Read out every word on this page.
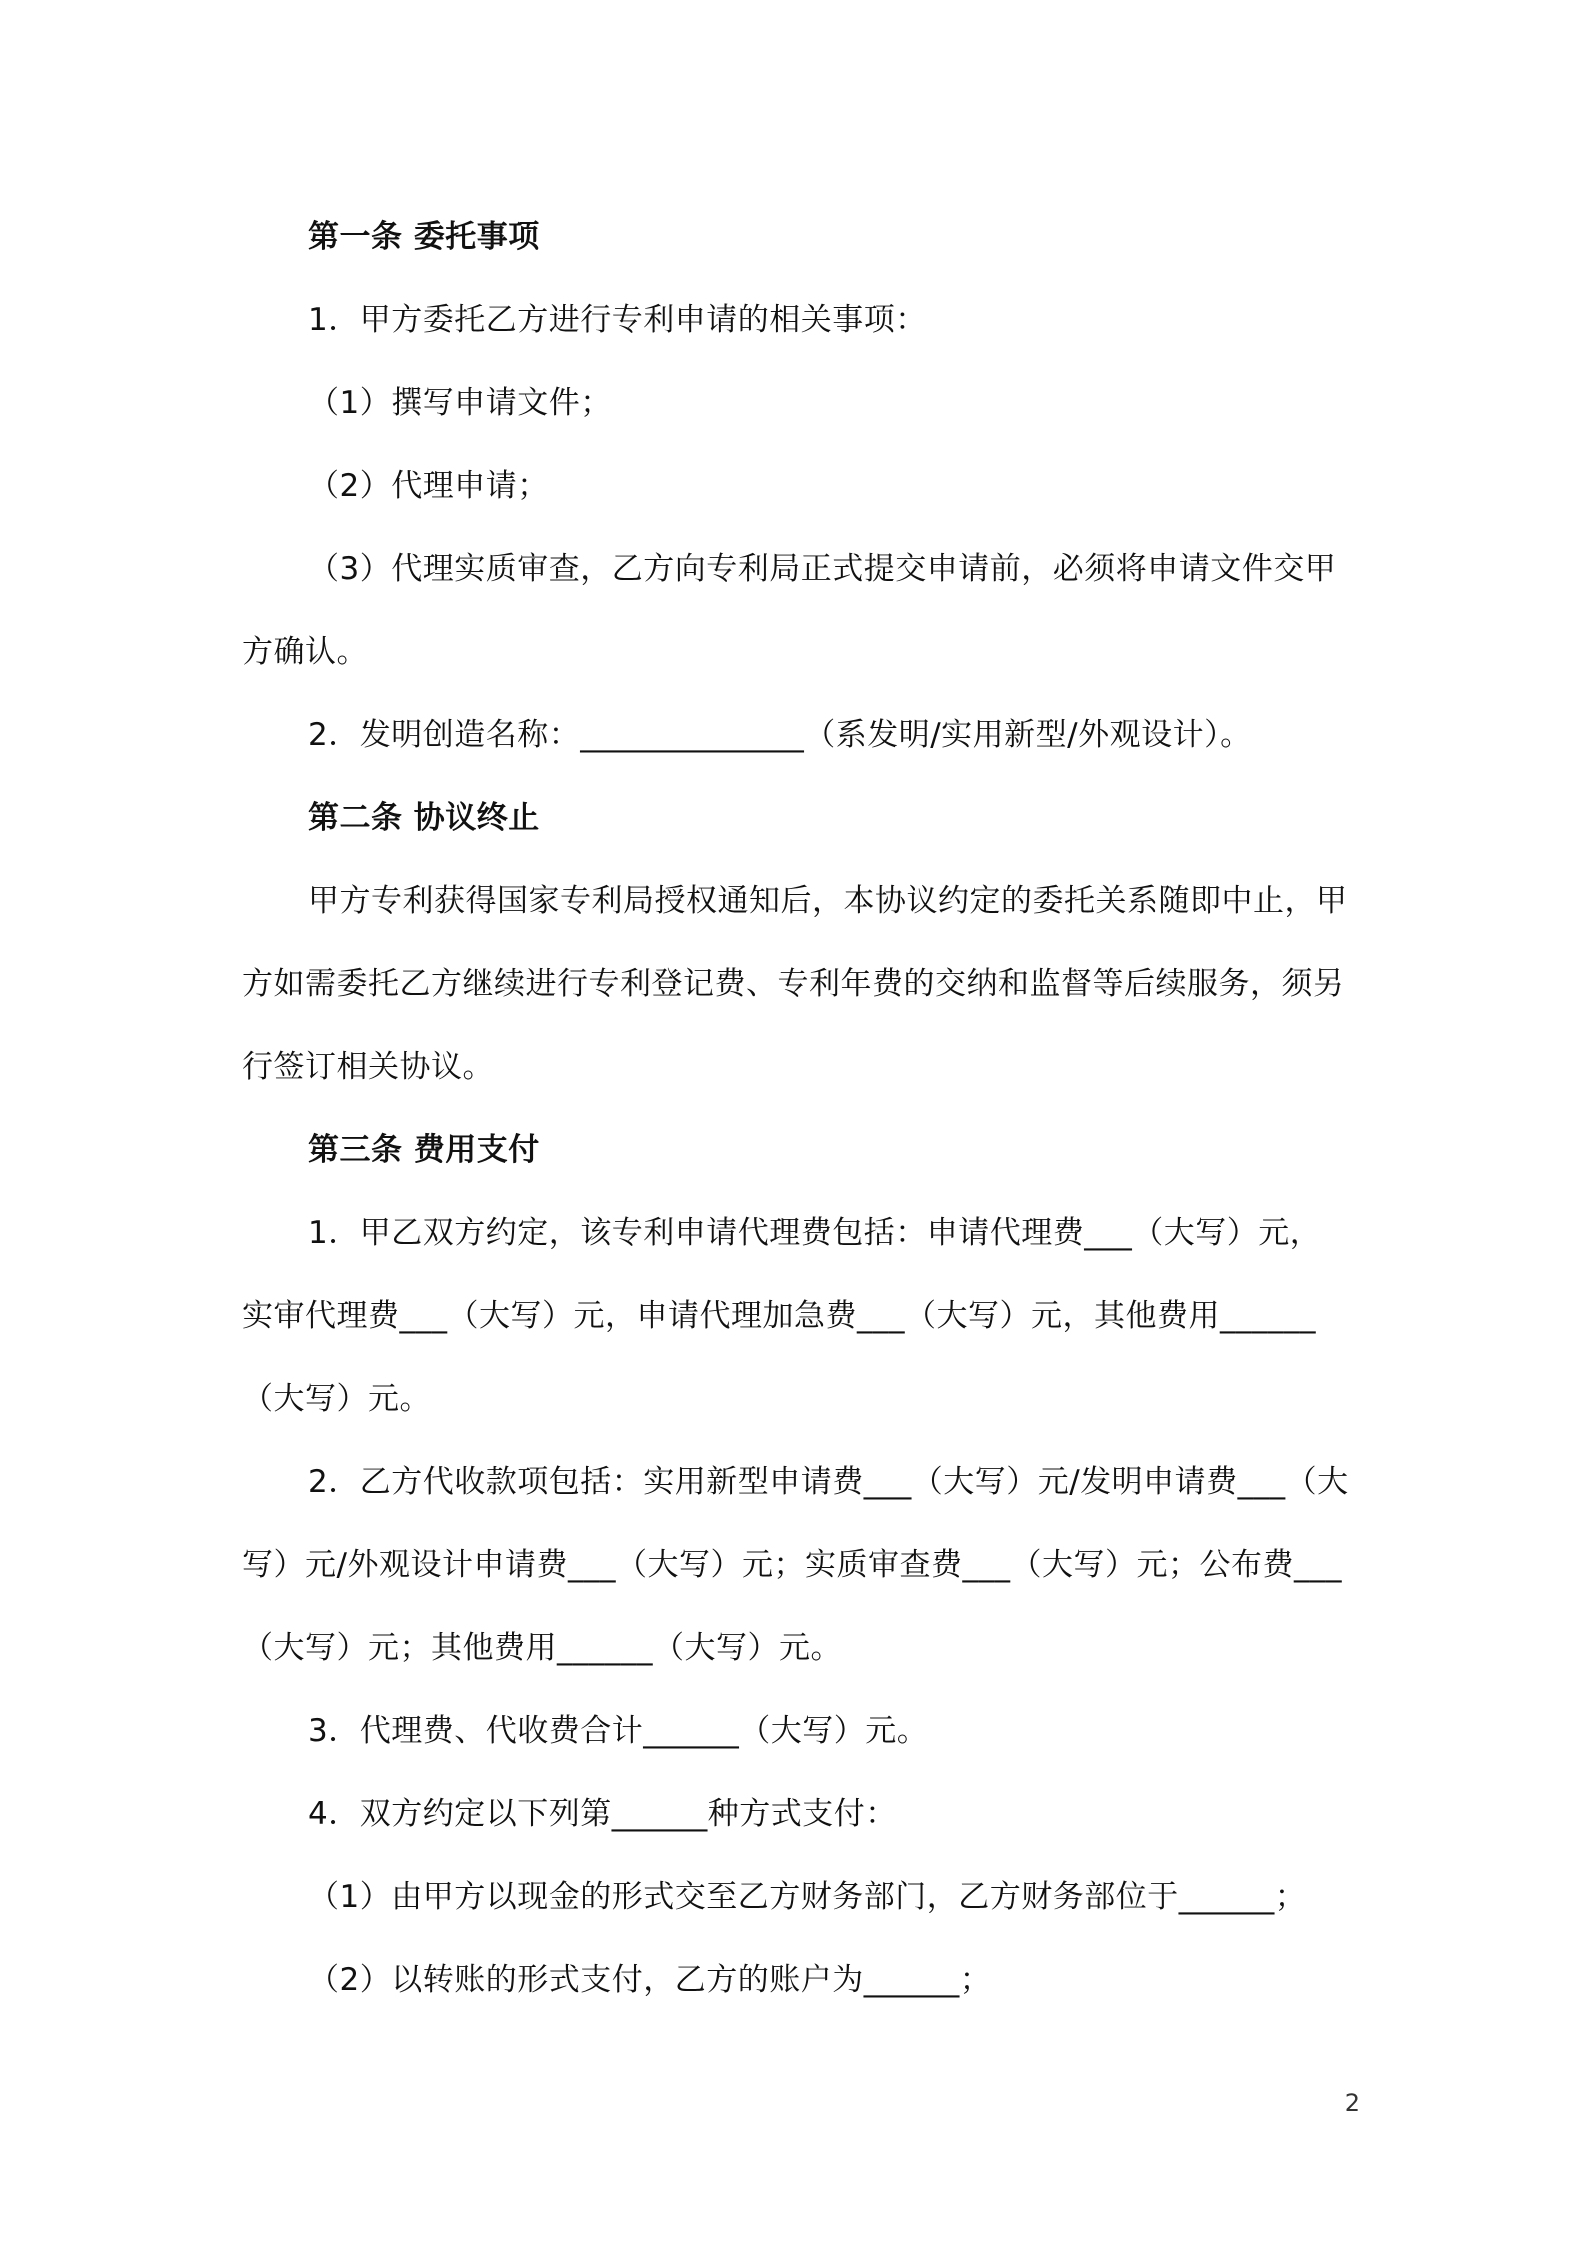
第一条 委托事项
1．甲方委托乙方进行专利申请的相关事项：
（1）撰写申请文件；
（2）代理申请；
（3）代理实质审查，乙方向专利局正式提交申请前，必须将申请文件交甲
方确认。
2．发明创造名称：______________（系发明/实用新型/外观设计）。
第二条 协议终止
甲方专利获得国家专利局授权通知后，本协议约定的委托关系随即中止，甲
方如需委托乙方继续进行专利登记费、专利年费的交纳和监督等后续服务，须另
行签订相关协议。
第三条 费用支付
1．甲乙双方约定，该专利申请代理费包括：申请代理费___（大写）元，
实审代理费___（大写）元，申请代理加急费___（大写）元，其他费用______
（大写）元。
2．乙方代收款项包括：实用新型申请费___（大写）元/发明申请费___（大
写）元/外观设计申请费___（大写）元；实质审查费___（大写）元；公布费___
（大写）元；其他费用______（大写）元。
3．代理费、代收费合计______（大写）元。
4．双方约定以下列第______种方式支付：
（1）由甲方以现金的形式交至乙方财务部门，乙方财务部位于______；
（2）以转账的形式支付，乙方的账户为______；
2
